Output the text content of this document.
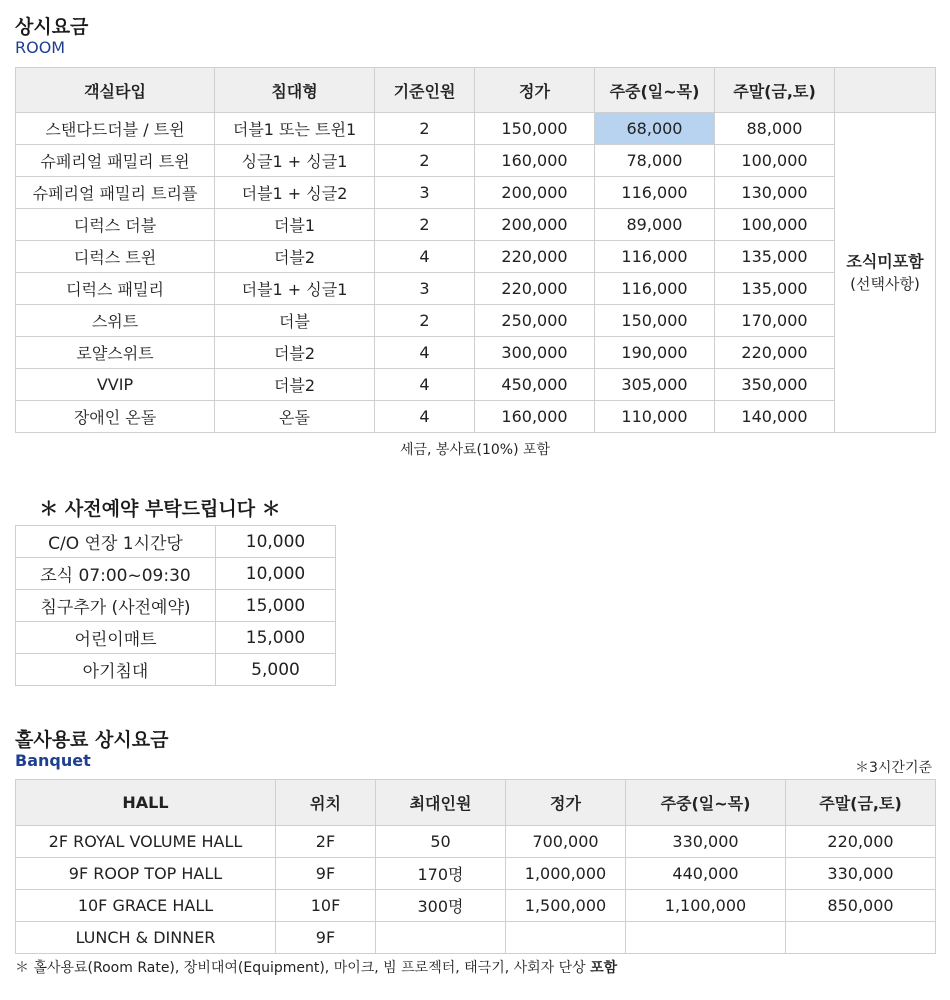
상시요금
ROOM
객실타입	침대형	기준인원	정가	주중(일~목)	주말(금,토)	
스탠다드더블 / 트윈	더블1 또는 트윈1	2	150,000	68,000	88,000	조식미포함
(선택사항)
슈페리얼 패밀리 트윈	싱글1 + 싱글1	2	160,000	78,000	100,000	
슈페리얼 패밀리 트리플	더블1 + 싱글2	3	200,000	116,000	130,000	
디럭스 더블	더블1	2	200,000	89,000	100,000	
디럭스 트윈	더블2	4	220,000	116,000	135,000	
디럭스 패밀리	더블1 + 싱글1	3	220,000	116,000	135,000	
스위트	더블	2	250,000	150,000	170,000	
로얄스위트	더블2	4	300,000	190,000	220,000	
VVIP	더블2	4	450,000	305,000	350,000	
장애인 온돌	온돌	4	160,000	110,000	140,000	
세금, 봉사료(10%) 포함
＊ 사전예약 부탁드립니다 ＊
C/O 연장 1시간당	10,000
조식 07:00~09:30	10,000
침구추가 (사전예약)	15,000
어린이매트	15,000
아기침대	5,000
홀사용료 상시요금
Banquet	＊3시간기준
HALL	위치	최대인원	정가	주중(일~목)	주말(금,토)
2F ROYAL VOLUME HALL	2F	50	700,000	330,000	220,000
9F ROOP TOP HALL	9F	170명	1,000,000	440,000	330,000
10F GRACE HALL	10F	300명	1,500,000	1,100,000	850,000
LUNCH & DINNER	9F				
＊ 홀사용료(Room Rate), 장비대여(Equipment), 마이크, 빔 프로젝터, 태극기, 사회자 단상 포함
